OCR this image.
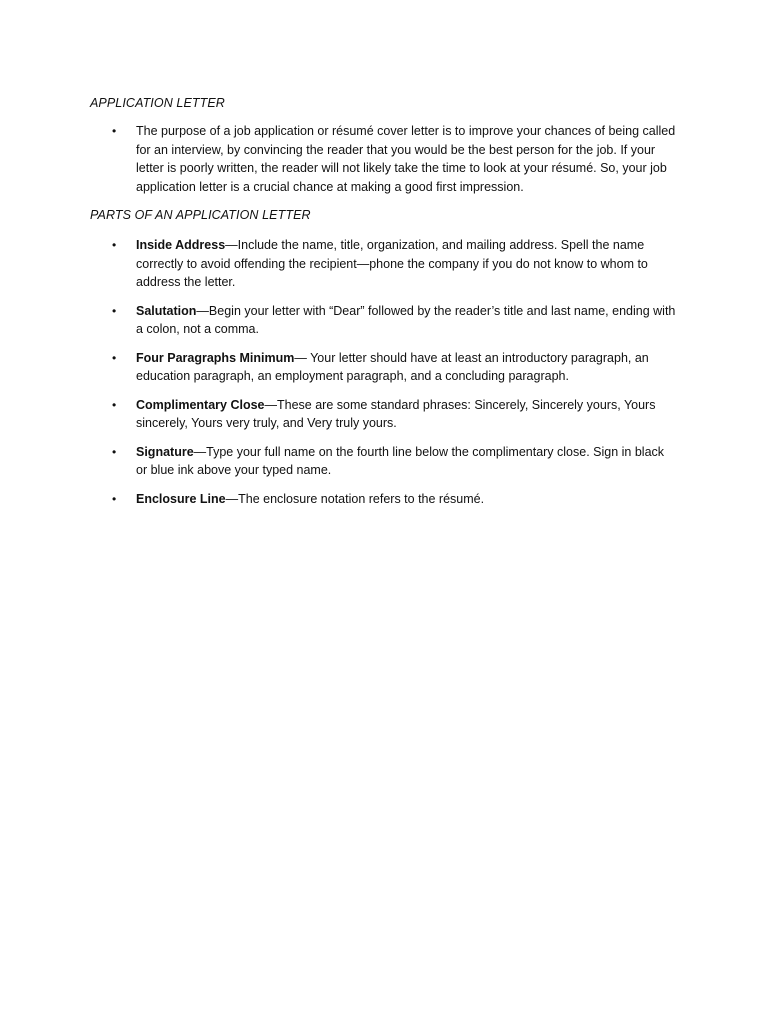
APPLICATION LETTER
• The purpose of a job application or résumé cover letter is to improve your chances of being called for an interview, by convincing the reader that you would be the best person for the job. If your letter is poorly written, the reader will not likely take the time to look at your résumé. So, your job application letter is a crucial chance at making a good first impression.
PARTS OF AN APPLICATION LETTER
• Inside Address—Include the name, title, organization, and mailing address. Spell the name correctly to avoid offending the recipient—phone the company if you do not know to whom to address the letter.
• Salutation—Begin your letter with “Dear” followed by the reader’s title and last name, ending with a colon, not a comma.
• Four Paragraphs Minimum— Your letter should have at least an introductory paragraph, an education paragraph, an employment paragraph, and a concluding paragraph.
• Complimentary Close—These are some standard phrases: Sincerely, Sincerely yours, Yours sincerely, Yours very truly, and Very truly yours.
• Signature—Type your full name on the fourth line below the complimentary close. Sign in black or blue ink above your typed name.
• Enclosure Line—The enclosure notation refers to the résumé.
